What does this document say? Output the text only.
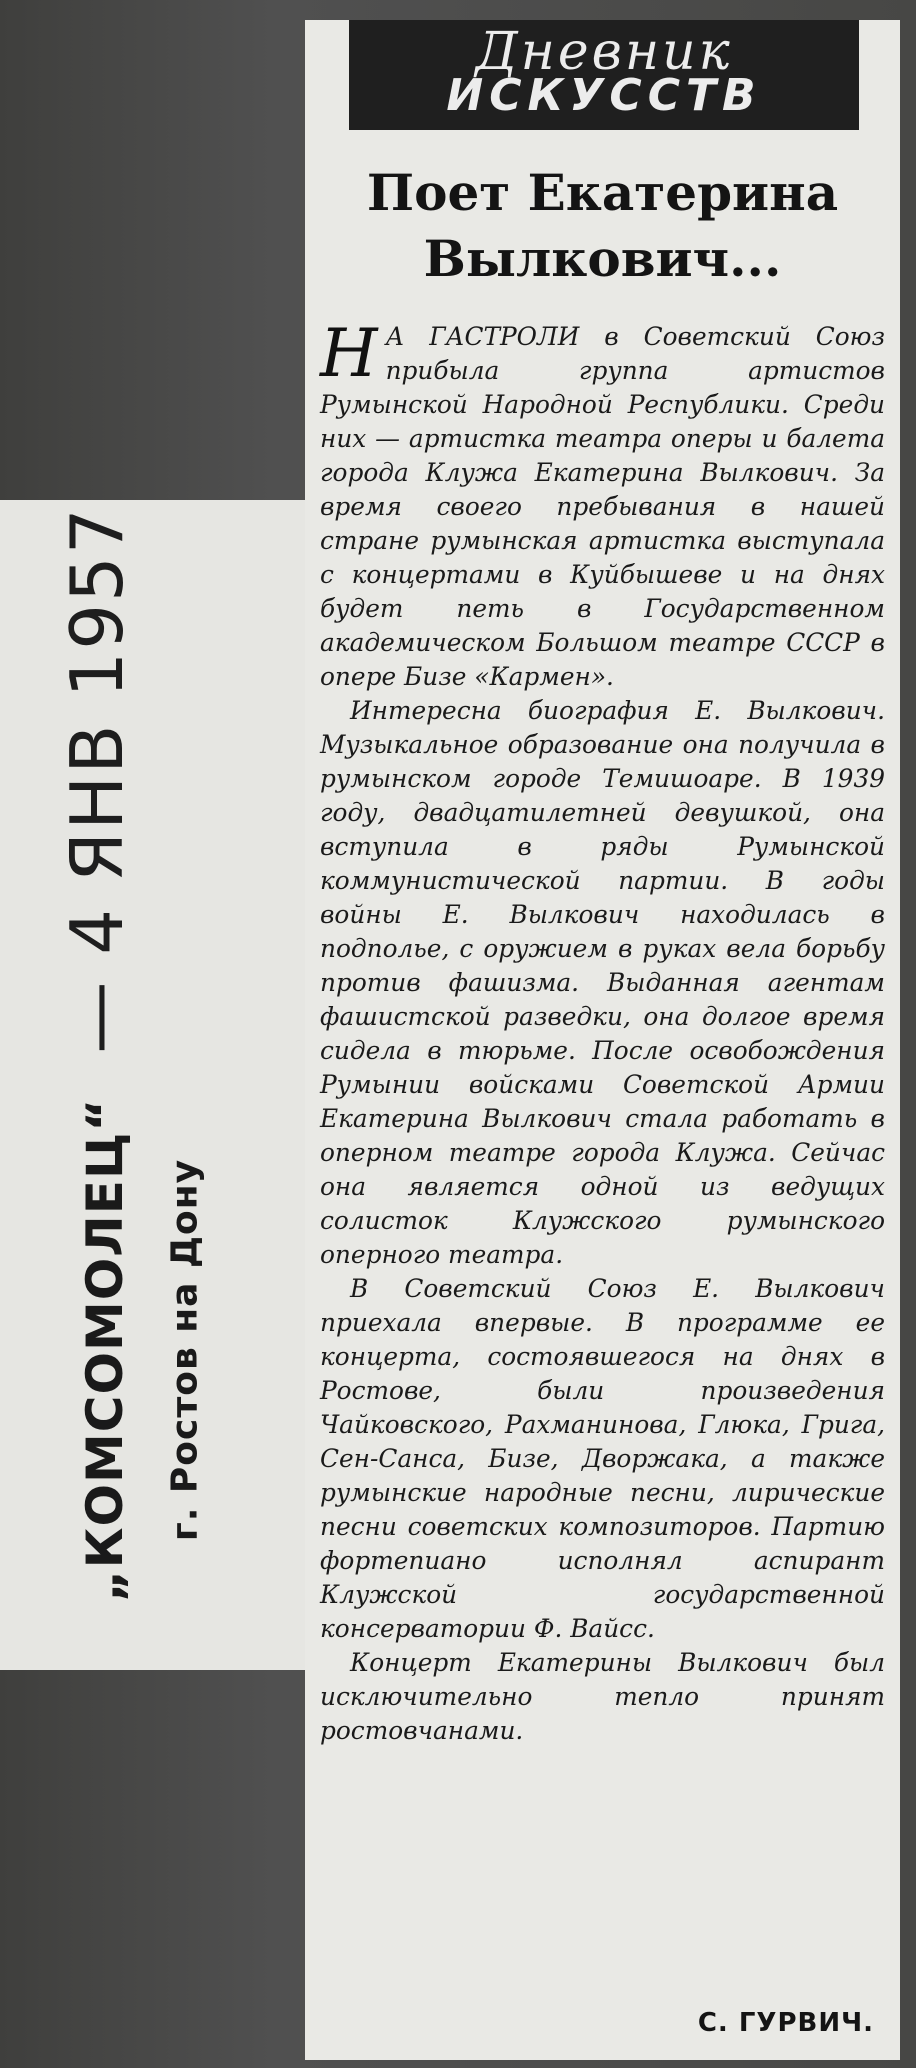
— 4 ЯНВ 1957
„КОМСОМОЛЕЦ“ г. Ростов на Дону
Дневник
ИСКУССТВ
Поет Екатерина
Вылкович...

Н А ГАСТРОЛИ в Советский Союз прибыла группа артистов Румынской Народной Республики. Среди них — артистка театра оперы и балета города Клужа Екатерина Вылкович. За время своего пребывания в нашей стране румынская артистка выступала с концертами в Куйбышеве и на днях будет петь в Государственном академическом Большом театре СССР в опере Бизе «Кармен».

Интересна биография Е. Вылкович. Музыкальное образование она получила в румынском городе Темишоаре. В 1939 году, двадцатилетней девушкой, она вступила в ряды Румынской коммунистической партии. В годы войны Е. Вылкович находилась в подполье, с оружием в руках вела борьбу против фашизма. Выданная агентам фашистской разведки, она долгое время сидела в тюрьме. После освобождения Румынии войсками Советской Армии Екатерина Вылкович стала работать в оперном театре города Клужа. Сейчас она является одной из ведущих солисток Клужского румынского оперного театра.

В Советский Союз Е. Вылкович приехала впервые. В программе ее концерта, состоявшегося на днях в Ростове, были произведения Чайковского, Рахманинова, Глюка, Грига, Сен-Санса, Бизе, Дворжака, а также румынские народные песни, лирические песни советских композиторов. Партию фортепиано исполнял аспирант Клужской государственной консерватории Ф. Вайсс.

Концерт Екатерины Вылкович был исключительно тепло принят ростовчанами.

С. ГУРВИЧ.
